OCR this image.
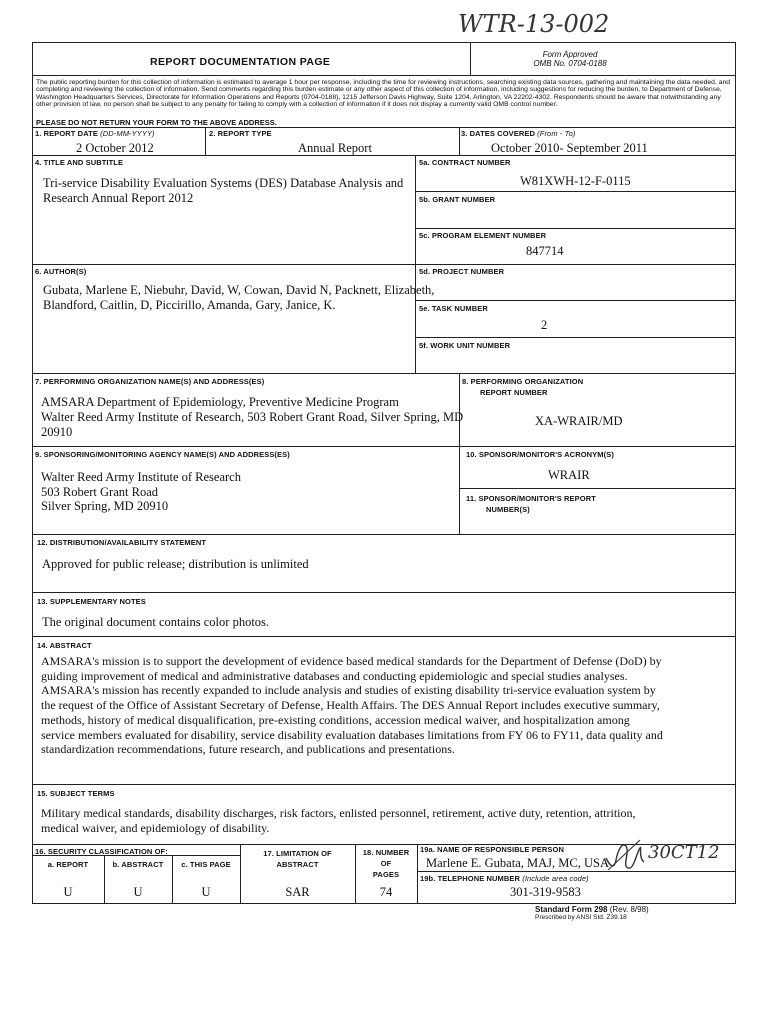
WTR-13-002
REPORT DOCUMENTATION PAGE
Form Approved
OMB No. 0704-0188
The public reporting burden for this collection of information is estimated to average 1 hour per response, including the time for reviewing instructions, searching existing data sources, gathering and maintaining the data needed, and completing and reviewing the collection of information. Send comments regarding this burden estimate or any other aspect of this collection of information, including suggestions for reducing the burden, to Department of Defense, Washington Headquarters Services, Directorate for Information Operations and Reports (0704-0188), 1215 Jefferson Davis Highway, Suite 1204, Arlington, VA 22202-4302. Respondents should be aware that notwithstanding any other provision of law, no person shall be subject to any penalty for failing to comply with a collection of information if it does not display a currently valid OMB control number.
PLEASE DO NOT RETURN YOUR FORM TO THE ABOVE ADDRESS.
1. REPORT DATE (DD-MM-YYYY)
2 October 2012
2. REPORT TYPE
Annual Report
3. DATES COVERED (From - To)
October 2010- September 2011
4. TITLE AND SUBTITLE
Tri-service Disability Evaluation Systems (DES) Database Analysis and
Research Annual Report 2012
5a. CONTRACT NUMBER
W81XWH-12-F-0115
5b. GRANT NUMBER
5c. PROGRAM ELEMENT NUMBER
847714
6. AUTHOR(S)
Gubata, Marlene E, Niebuhr, David, W, Cowan, David N, Packnett, Elizabeth,
Blandford, Caitlin, D, Piccirillo, Amanda, Gary, Janice, K.
5d. PROJECT NUMBER
5e. TASK NUMBER
2
5f. WORK UNIT NUMBER
7. PERFORMING ORGANIZATION NAME(S) AND ADDRESS(ES)
AMSARA Department of Epidemiology, Preventive Medicine Program
Walter Reed Army Institute of Research, 503 Robert Grant Road, Silver Spring, MD
20910
8. PERFORMING ORGANIZATION
REPORT NUMBER
XA-WRAIR/MD
9. SPONSORING/MONITORING AGENCY NAME(S) AND ADDRESS(ES)
Walter Reed Army Institute of Research
503 Robert Grant Road
Silver Spring, MD 20910
10. SPONSOR/MONITOR'S ACRONYM(S)
WRAIR
11. SPONSOR/MONITOR'S REPORT
NUMBER(S)
12. DISTRIBUTION/AVAILABILITY STATEMENT
Approved for public release; distribution is unlimited
13. SUPPLEMENTARY NOTES
The original document contains color photos.
14. ABSTRACT
AMSARA's mission is to support the development of evidence based medical standards for the Department of Defense (DoD) by
guiding improvement of medical and administrative databases and conducting epidemiologic and special studies analyses.
AMSARA's mission has recently expanded to include analysis and studies of existing disability tri-service evaluation system by
the request of the Office of Assistant Secretary of Defense, Health Affairs. The DES Annual Report includes executive summary,
methods, history of medical disqualification, pre-existing conditions, accession medical waiver, and hospitalization among
service members evaluated for disability, service disability evaluation databases limitations from FY 06 to FY11, data quality and
standardization recommendations, future research, and publications and presentations.
15. SUBJECT TERMS
Military medical standards, disability discharges, risk factors, enlisted personnel, retirement, active duty, retention, attrition,
medical waiver, and epidemiology of disability.
16. SECURITY CLASSIFICATION OF:
a. REPORT	b. ABSTRACT	c. THIS PAGE
U	U	U
17. LIMITATION OF
ABSTRACT
SAR
18. NUMBER
OF
PAGES
74
19a. NAME OF RESPONSIBLE PERSON
Marlene E. Gubata, MAJ, MC, USA
19b. TELEPHONE NUMBER (Include area code)
301-319-9583
30CT12
Standard Form 298 (Rev. 8/98)
Prescribed by ANSI Std. Z39.18
